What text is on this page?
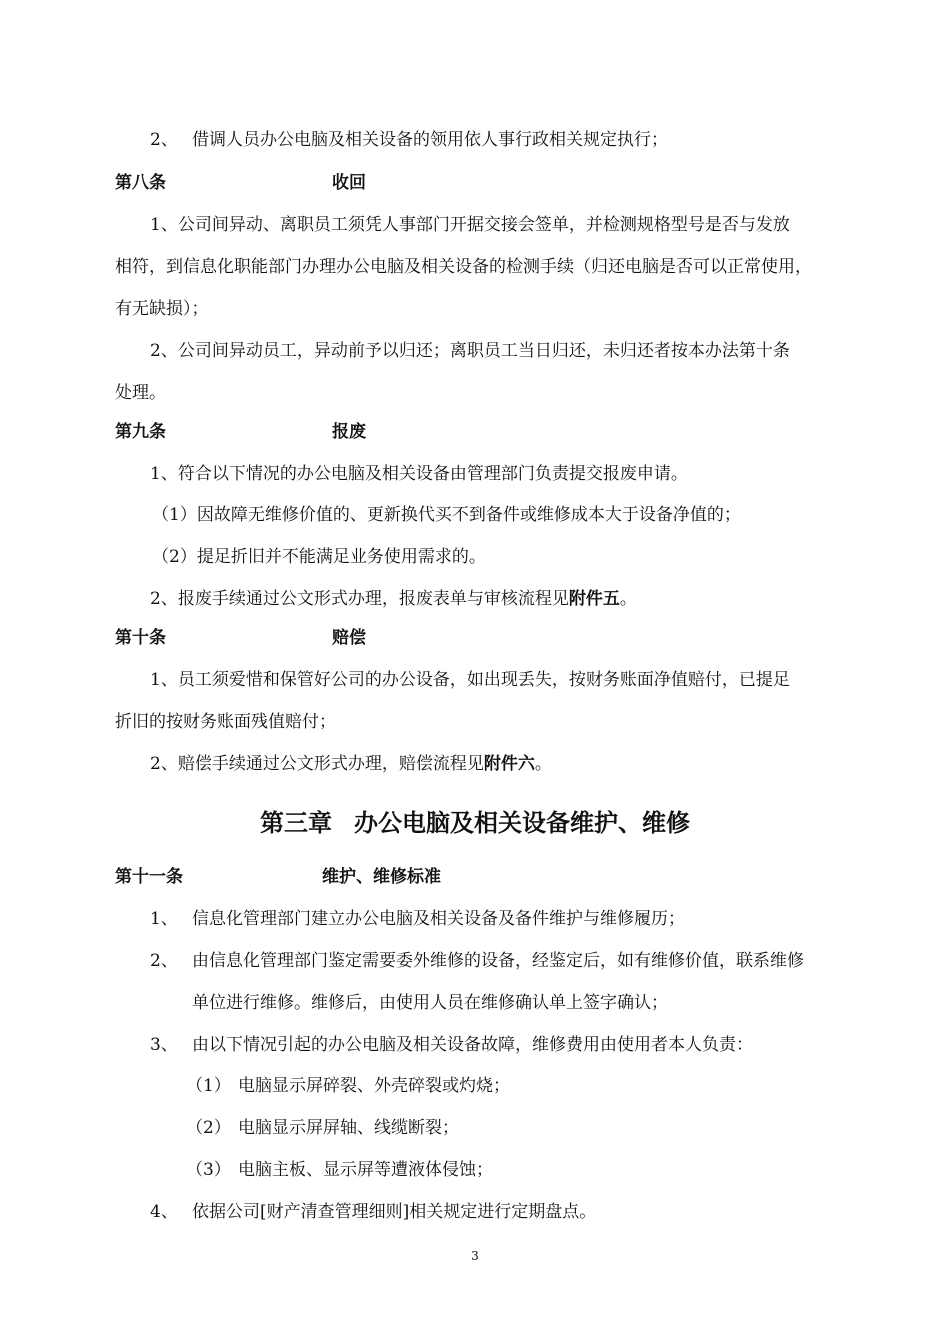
2、 借调人员办公电脑及相关设备的领用依人事行政相关规定执行；
第八条	收回
1、公司间异动、离职员工须凭人事部门开据交接会签单，并检测规格型号是否与发放
相符，到信息化职能部门办理办公电脑及相关设备的检测手续（归还电脑是否可以正常使用，
有无缺损）；
2、公司间异动员工，异动前予以归还；离职员工当日归还，未归还者按本办法第十条
处理。
第九条	报废
1、符合以下情况的办公电脑及相关设备由管理部门负责提交报废申请。
（1）因故障无维修价值的、更新换代买不到备件或维修成本大于设备净值的；
（2）提足折旧并不能满足业务使用需求的。
2、报废手续通过公文形式办理，报废表单与审核流程见附件五。
第十条	赔偿
1、员工须爱惜和保管好公司的办公设备，如出现丢失，按财务账面净值赔付，已提足
折旧的按财务账面残值赔付；
2、赔偿手续通过公文形式办理，赔偿流程见附件六。
第三章 办公电脑及相关设备维护、维修
第十一条	维护、维修标准
1、 信息化管理部门建立办公电脑及相关设备及备件维护与维修履历；
2、 由信息化管理部门鉴定需要委外维修的设备，经鉴定后，如有维修价值，联系维修
单位进行维修。维修后，由使用人员在维修确认单上签字确认；
3、 由以下情况引起的办公电脑及相关设备故障，维修费用由使用者本人负责：
（1） 电脑显示屏碎裂、外壳碎裂或灼烧；
（2） 电脑显示屏屏轴、线缆断裂；
（3） 电脑主板、显示屏等遭液体侵蚀；
4、 依据公司[财产清查管理细则]相关规定进行定期盘点。
3
